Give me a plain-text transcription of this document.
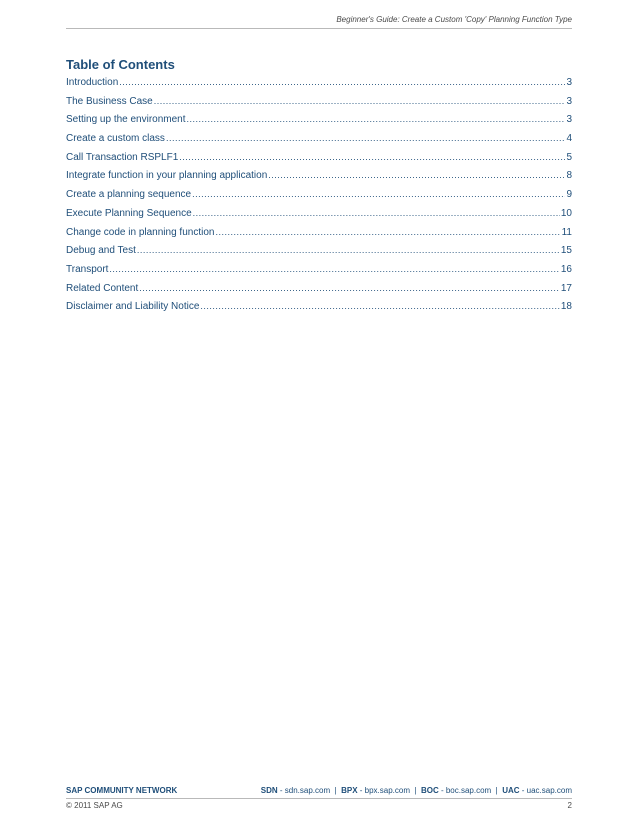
Beginner's Guide: Create a Custom 'Copy' Planning Function Type
Table of Contents
Introduction .....	3
The Business Case .....	3
Setting up the environment .....	3
Create a custom class .....	4
Call Transaction RSPLF1 .....	5
Integrate function in your planning application .....	8
Create a planning sequence .....	9
Execute Planning Sequence .....	10
Change code in planning function .....	11
Debug and Test .....	15
Transport .....	16
Related Content .....	17
Disclaimer and Liability Notice .....	18
SAP COMMUNITY NETWORK	SDN - sdn.sap.com  |  BPX - bpx.sap.com  |  BOC - boc.sap.com  |  UAC - uac.sap.com
© 2011 SAP AG	2
